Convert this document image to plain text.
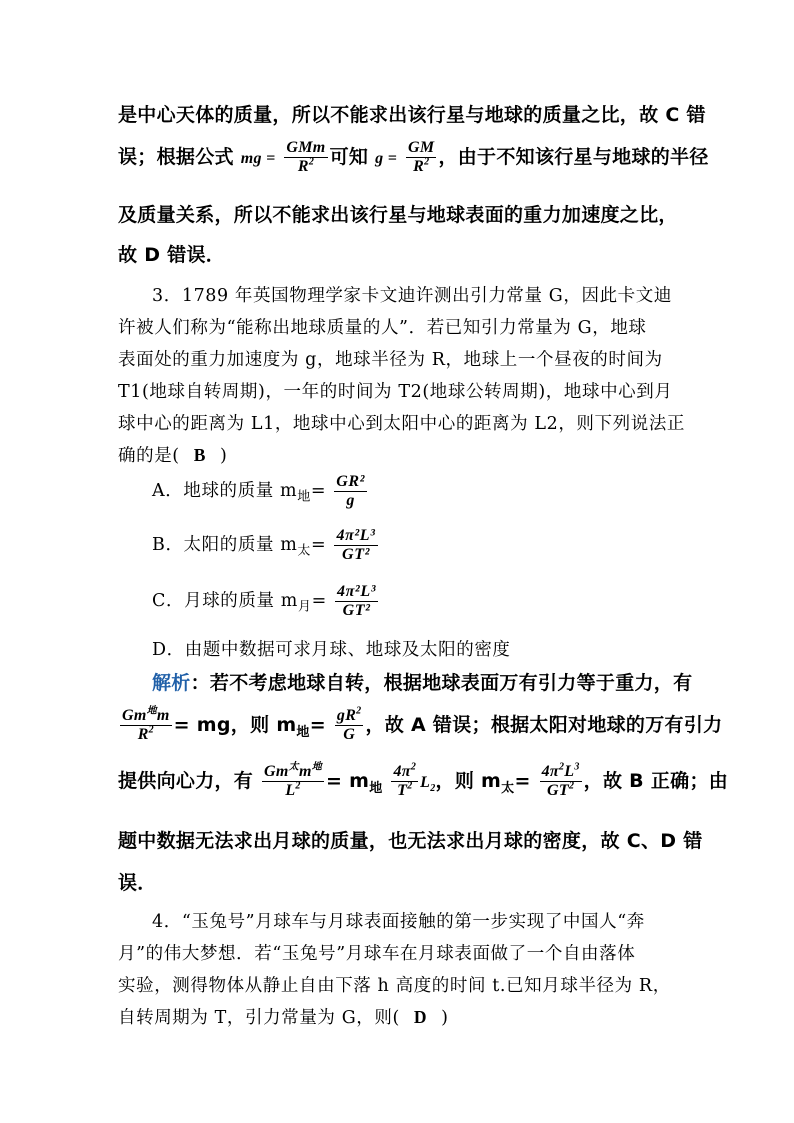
是中心天体的质量，所以不能求出该行星与地球的质量之比，故 C 错
误；根据公式 mg = $\frac{\text{GMm}}{R^2}$ 可知 $g = \frac{GM}{R^2}$ ，由于不知该行星与地球的半径
及质量关系，所以不能求出该行星与地球表面的重力加速度之比，
故 D 错误．
3．1789 年英国物理学家卡文迪许测出引力常量 G，因此卡文迪
许被人们称为“能称出地球质量的人”．若已知引力常量为 G，地球
表面处的重力加速度为 g，地球半径为 R，地球上一个昼夜的时间为
T1(地球自转周期)，一年的时间为 T2(地球公转周期)，地球中心到月
球中心的距离为 L1，地球中心到太阳中心的距离为 L2，则下列说法正
确的是( B )
A．地球的质量 $m_地= \frac{\text{GR²}}{g}$
B．太阳的质量 $m_太= \frac{\text{4π²L³}}{\text{GT²}}$
C．月球的质量 $m_月= \frac{\text{4π²L³}}{\text{GT²}}$
D．由题中数据可求月球、地球及太阳的密度
解析：若不考虑地球自转，根据地球表面万有引力等于重力，有
$\frac{Gm^地m}{R^2}$ = mg，则 $m_地= \frac{gR^2}{G}$ ，故 A 错误；根据太阳对地球的万有引力
提供向心力，有 $\frac{Gm^太m^地}{L^2} = m_地 \frac{4\pi^2}{T^2} L_2$，则 $m_太= \frac{4\pi^2L^3}{GT^2}$ ，故 B 正确；由
题中数据无法求出月球的质量，也无法求出月球的密度，故 C、D 错
误．
4．“玉兔号”月球车与月球表面接触的第一步实现了中国人“奔
月”的伟大梦想．若“玉兔号”月球车在月球表面做了一个自由落体
实验，测得物体从静止自由下落 h 高度的时间 t.已知月球半径为 R，
自转周期为 T，引力常量为 G，则( D )
